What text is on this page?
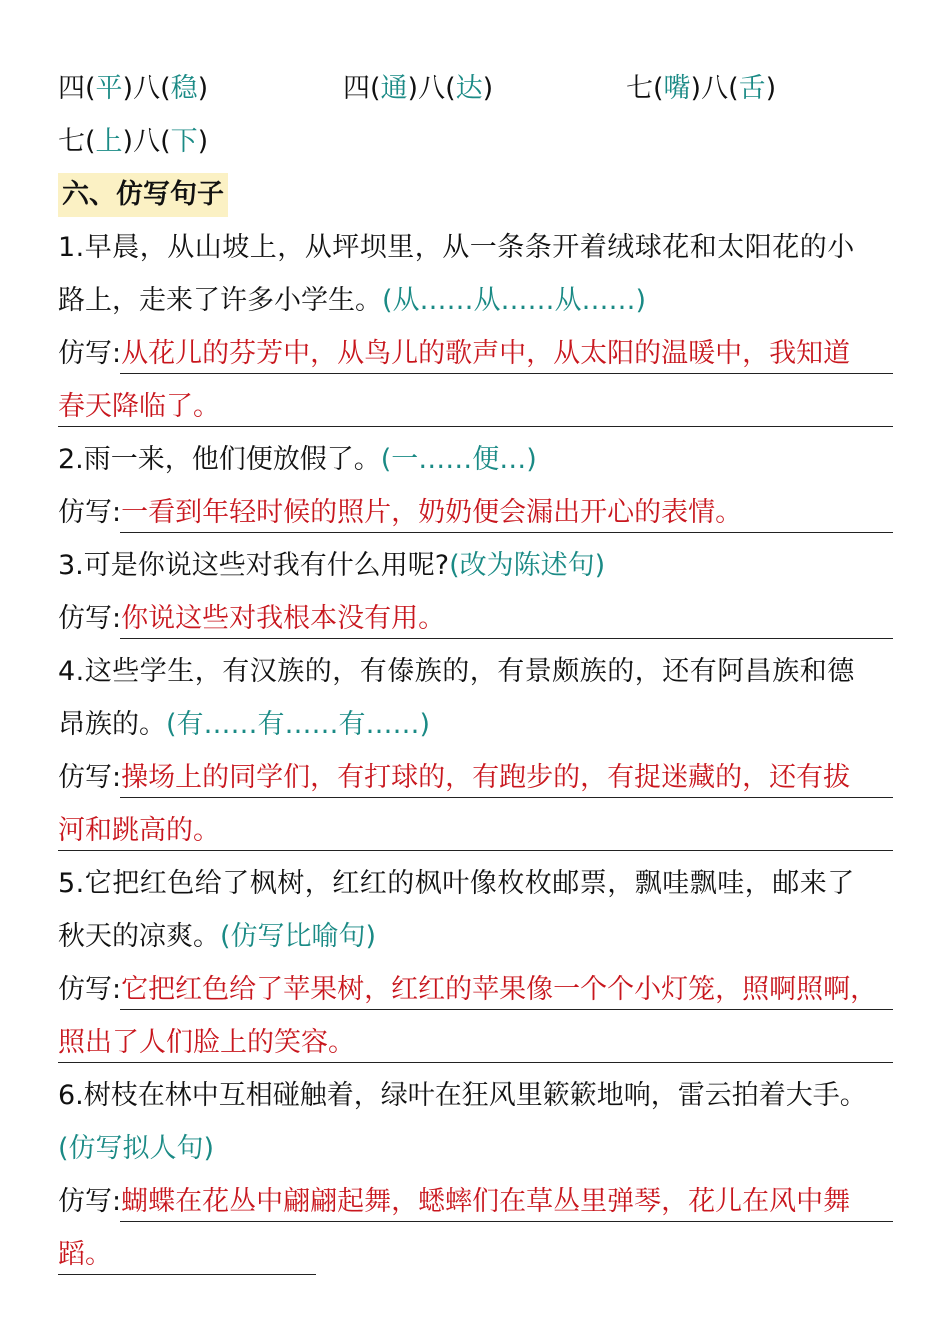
四(平)八(稳)	四(通)八(达)	七(嘴)八(舌)
七(上)八(下)
六、仿写句子
1.早晨，从山坡上，从坪坝里，从一条条开着绒球花和太阳花的小
路上，走来了许多小学生。(从……从……从……)
仿写:从花儿的芬芳中，从鸟儿的歌声中，从太阳的温暖中，我知道
春天降临了。
2.雨一来，他们便放假了。(一……便…)
仿写:一看到年轻时候的照片，奶奶便会漏出开心的表情。
3.可是你说这些对我有什么用呢?(改为陈述句)
仿写:你说这些对我根本没有用。
4.这些学生，有汉族的，有傣族的，有景颇族的，还有阿昌族和德
昂族的。(有……有……有……)
仿写:操场上的同学们，有打球的，有跑步的，有捉迷藏的，还有拔
河和跳高的。
5.它把红色给了枫树，红红的枫叶像枚枚邮票，飘哇飘哇，邮来了
秋天的凉爽。(仿写比喻句)
仿写:它把红色给了苹果树，红红的苹果像一个个小灯笼，照啊照啊，
照出了人们脸上的笑容。
6.树枝在林中互相碰触着，绿叶在狂风里簌簌地响，雷云拍着大手。
(仿写拟人句)
仿写:蝴蝶在花丛中翩翩起舞，蟋蟀们在草丛里弹琴，花儿在风中舞
蹈。
